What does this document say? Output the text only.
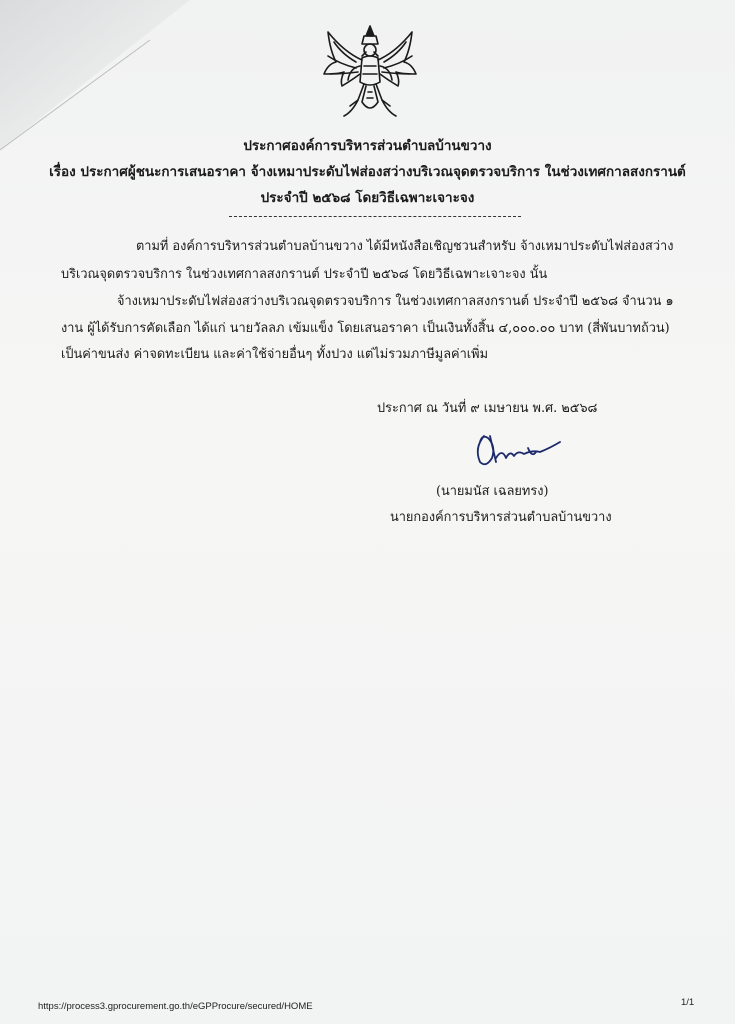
ประกาศองค์การบริหารส่วนตำบลบ้านขวาง
เรื่อง ประกาศผู้ชนะการเสนอราคา จ้างเหมาประดับไฟส่องสว่างบริเวณจุดตรวจบริการ ในช่วงเทศกาลสงกรานต์
ประจำปี ๒๕๖๘ โดยวิธีเฉพาะเจาะจง
ตามที่ องค์การบริหารส่วนตำบลบ้านขวาง ได้มีหนังสือเชิญชวนสำหรับ จ้างเหมาประดับไฟส่องสว่าง
บริเวณจุดตรวจบริการ ในช่วงเทศกาลสงกรานต์ ประจำปี ๒๕๖๘ โดยวิธีเฉพาะเจาะจง นั้น
จ้างเหมาประดับไฟส่องสว่างบริเวณจุดตรวจบริการ ในช่วงเทศกาลสงกรานต์ ประจำปี ๒๕๖๘ จำนวน ๑
งาน ผู้ได้รับการคัดเลือก ได้แก่ นายวัลลภ เข้มแข็ง โดยเสนอราคา เป็นเงินทั้งสิ้น ๔,๐๐๐.๐๐ บาท (สี่พันบาทถ้วน)
เป็นค่าขนส่ง ค่าจดทะเบียน และค่าใช้จ่ายอื่นๆ ทั้งปวง แต่ไม่รวมภาษีมูลค่าเพิ่ม
ประกาศ ณ วันที่ ๙ เมษายน พ.ศ. ๒๕๖๘
(นายมนัส เฉลยทรง)
นายกองค์การบริหารส่วนตำบลบ้านขวาง
https://process3.gprocurement.go.th/eGPProcure/secured/HOME	1/1
